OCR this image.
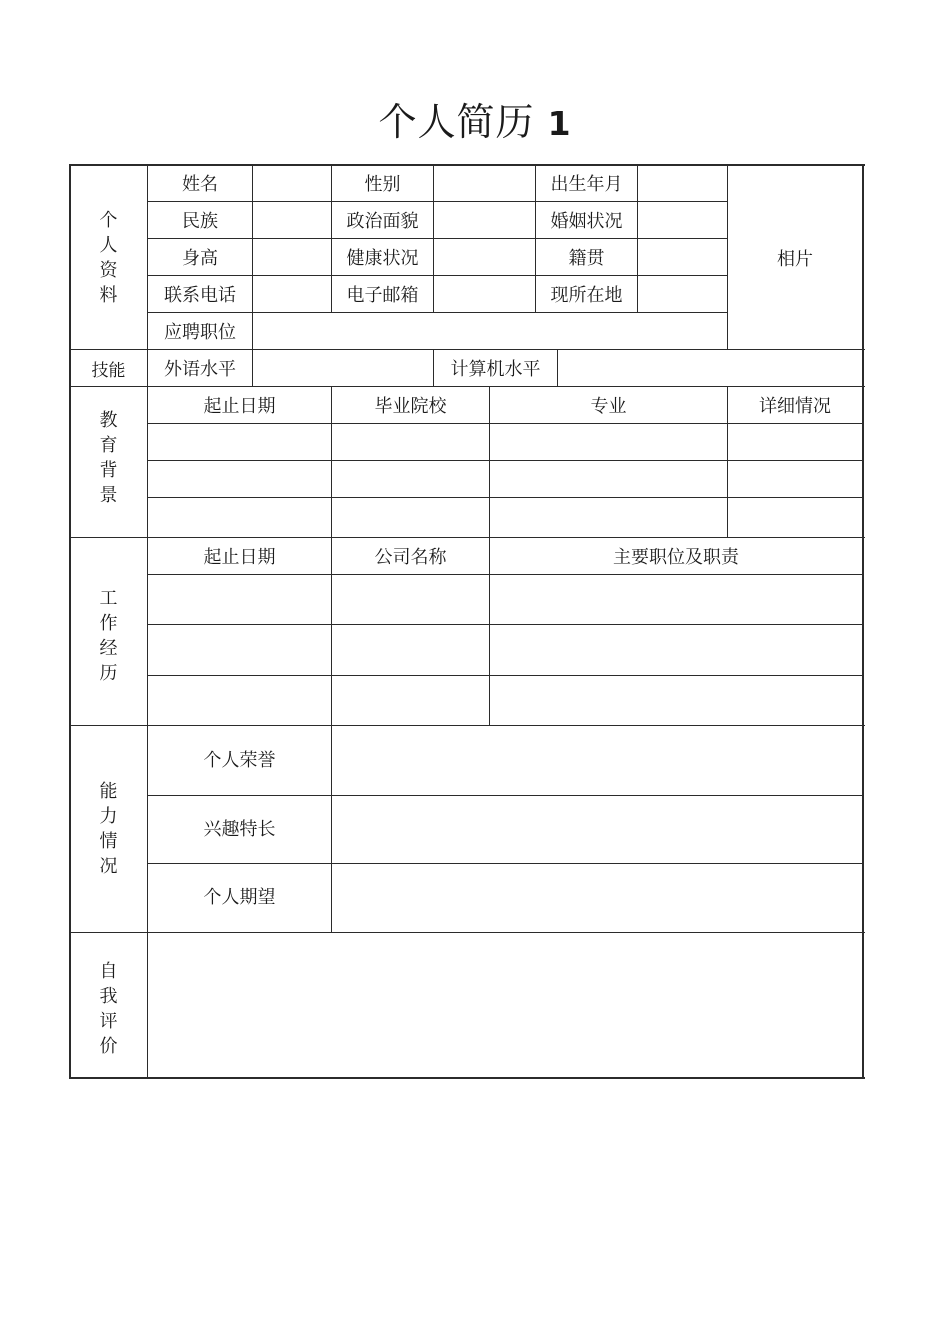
个人简历 1
个
人
资
料
姓名	性别	出生年月
民族	政治面貌	婚姻状况
身高	健康状况	籍贯
联系电话	电子邮箱	现所在地
应聘职位
相片
技能	外语水平	计算机水平
教
育
背
景
起止日期	毕业院校	专业	详细情况
工
作
经
历
起止日期	公司名称	主要职位及职责
能
力
情
况
个人荣誉
兴趣特长
个人期望
自
我
评
价
